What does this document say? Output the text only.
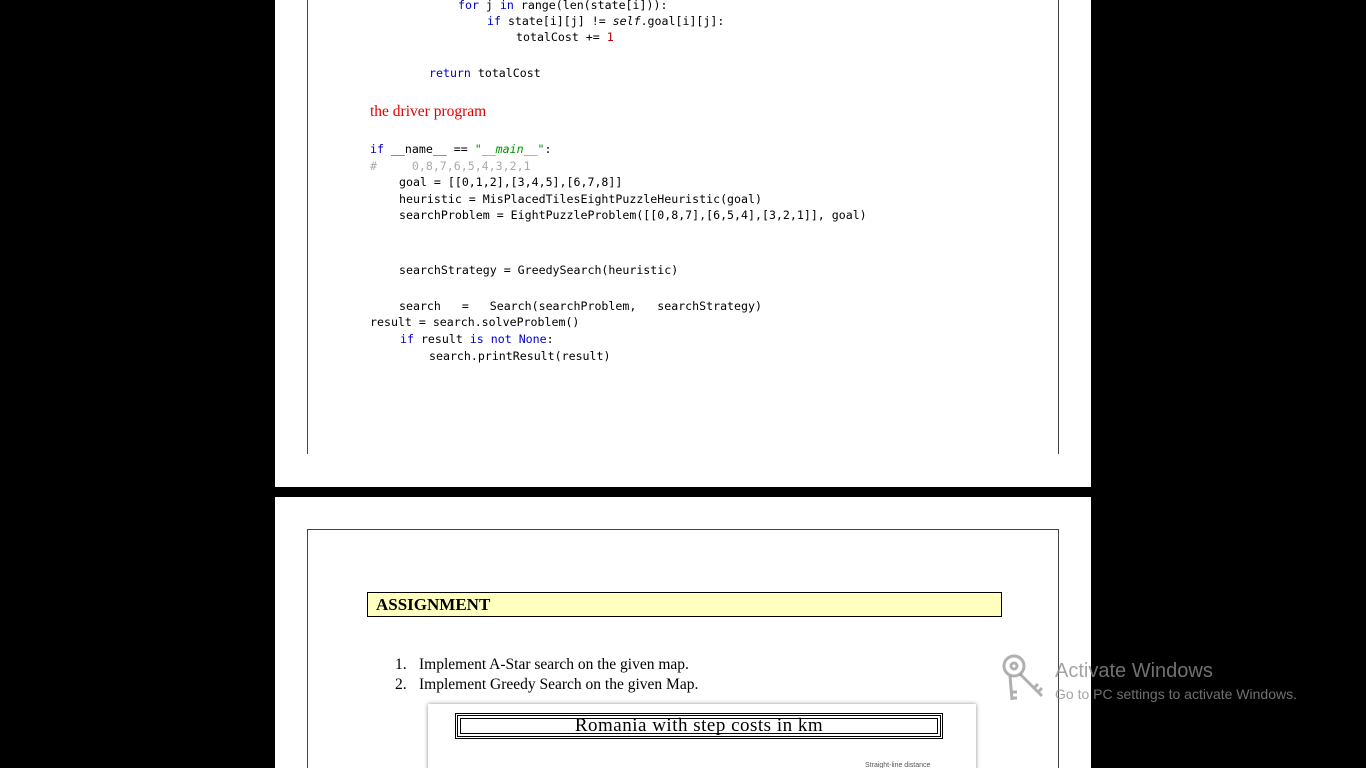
for j in range(len(state[i])):
if state[i][j] != self.goal[i][j]:
totalCost += 1
return totalCost
the driver program
if __name__ == "__main__":
#     0,8,7,6,5,4,3,2,1
goal = [[0,1,2],[3,4,5],[6,7,8]]
heuristic = MisPlacedTilesEightPuzzleHeuristic(goal)
searchProblem = EightPuzzleProblem([[0,8,7],[6,5,4],[3,2,1]], goal)
searchStrategy = GreedySearch(heuristic)
search   =   Search(searchProblem,   searchStrategy)
result = search.solveProblem()
if result is not None:
search.printResult(result)
ASSIGNMENT
1. Implement A-Star search on the given map.
2. Implement Greedy Search on the given Map.
Romania with step costs in km
Straight-line distance
Activate Windows
Go to PC settings to activate Windows.
